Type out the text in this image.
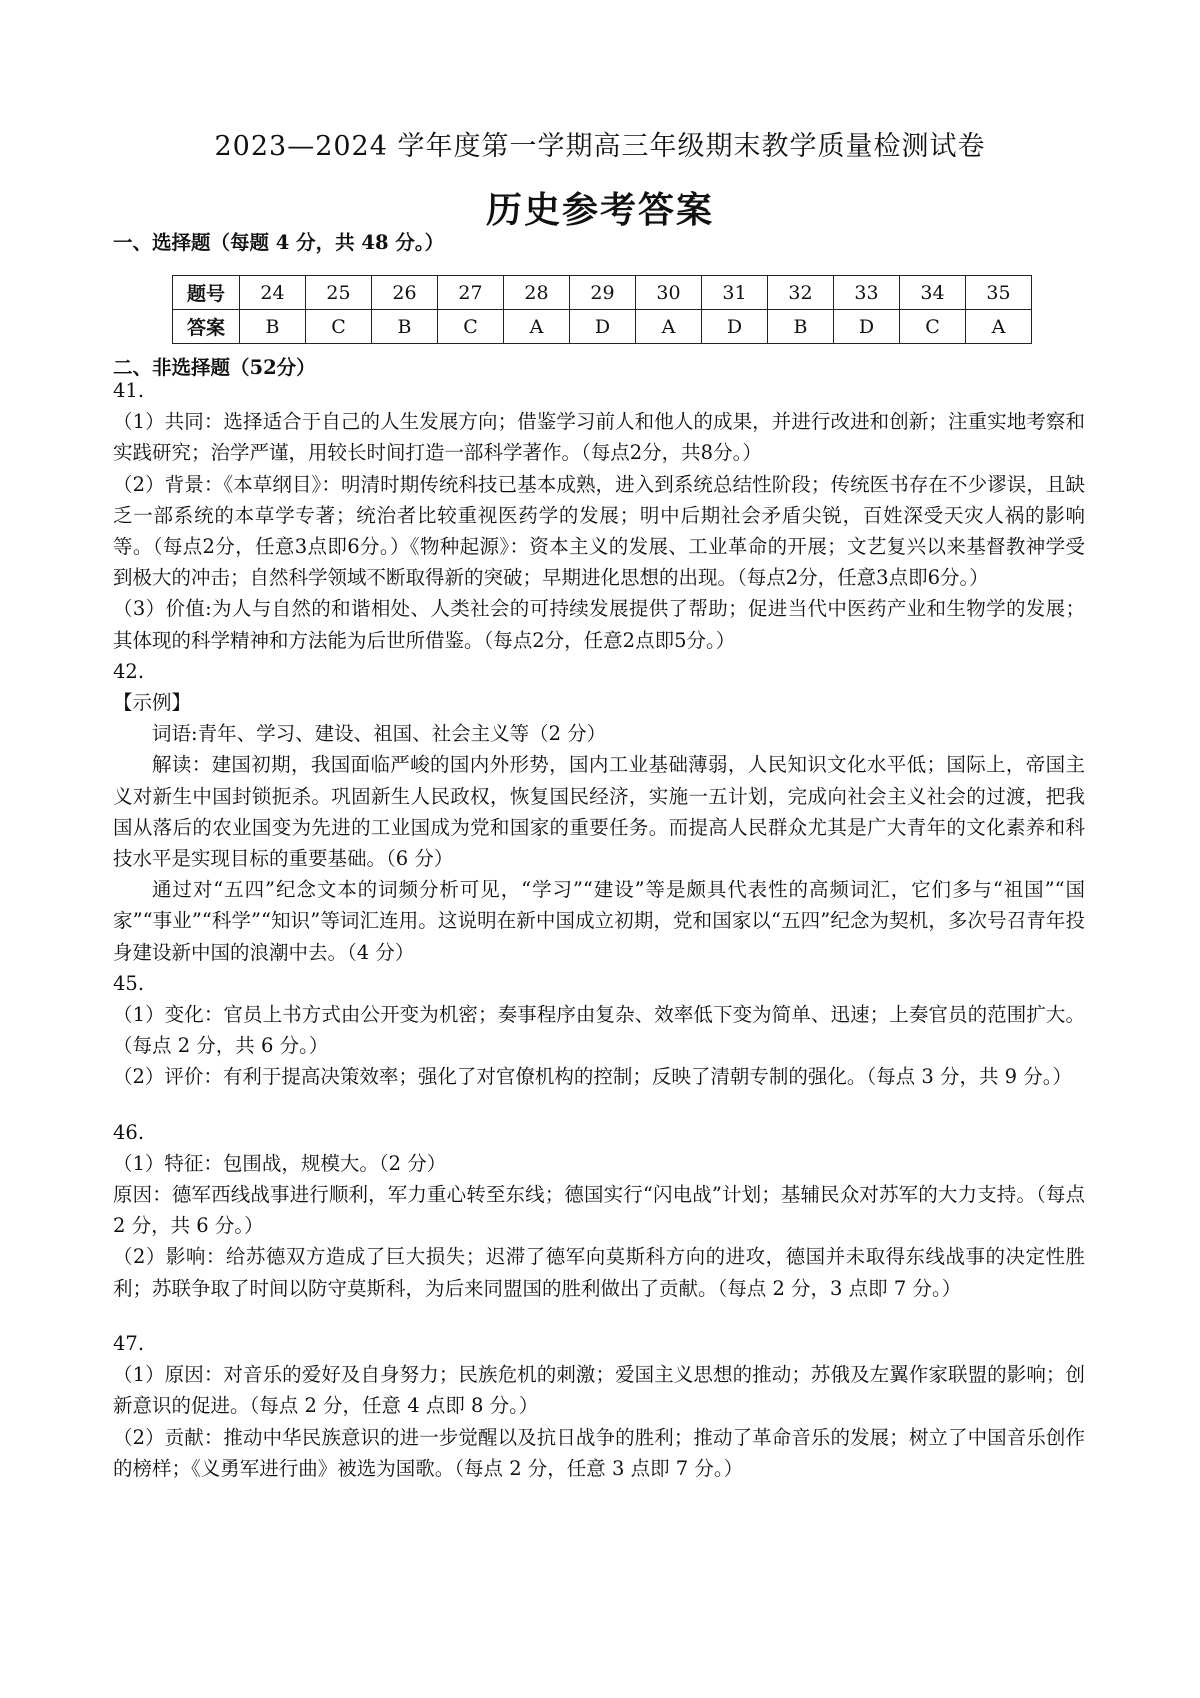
2023—2024 学年度第一学期高三年级期末教学质量检测试卷
历史参考答案
一、选择题（每题 4 分，共 48 分。）
题号	24	25	26	27	28	29	30	31	32	33	34	35
答案	B	C	B	C	A	D	A	D	B	D	C	A
二、非选择题（52分）

41.

（1）共同：选择适合于自己的人生发展方向；借鉴学习前人和他人的成果，并进行改进和创新；注重实地考察和实践研究；治学严谨，用较长时间打造一部科学著作。（每点2分，共8分。）

（2）背景：《本草纲目》：明清时期传统科技已基本成熟，进入到系统总结性阶段；传统医书存在不少谬误，且缺乏一部系统的本草学专著；统治者比较重视医药学的发展；明中后期社会矛盾尖锐，百姓深受天灾人祸的影响等。（每点2分，任意3点即6分。）《物种起源》：资本主义的发展、工业革命的开展；文艺复兴以来基督教神学受到极大的冲击；自然科学领域不断取得新的突破；早期进化思想的出现。（每点2分，任意3点即6分。）

（3）价值:为人与自然的和谐相处、人类社会的可持续发展提供了帮助；促进当代中医药产业和生物学的发展；其体现的科学精神和方法能为后世所借鉴。（每点2分，任意2点即5分。）

42.

【示例】

词语:青年、学习、建设、祖国、社会主义等（2 分）

解读：建国初期，我国面临严峻的国内外形势，国内工业基础薄弱，人民知识文化水平低；国际上，帝国主义对新生中国封锁扼杀。巩固新生人民政权，恢复国民经济，实施一五计划，完成向社会主义社会的过渡，把我国从落后的农业国变为先进的工业国成为党和国家的重要任务。而提高人民群众尤其是广大青年的文化素养和科技水平是实现目标的重要基础。（6 分）

通过对“五四”纪念文本的词频分析可见，“学习”“建设”等是颇具代表性的高频词汇，它们多与“祖国”“国家”“事业”“科学”“知识”等词汇连用。这说明在新中国成立初期，党和国家以“五四”纪念为契机，多次号召青年投身建设新中国的浪潮中去。（4 分）

45.

（1）变化：官员上书方式由公开变为机密；奏事程序由复杂、效率低下变为简单、迅速；上奏官员的范围扩大。（每点 2 分，共 6 分。）

（2）评价：有利于提高决策效率；强化了对官僚机构的控制；反映了清朝专制的强化。（每点 3 分，共 9 分。）

46.

（1）特征：包围战，规模大。（2 分）

原因：德军西线战事进行顺利，军力重心转至东线；德国实行“闪电战”计划；基辅民众对苏军的大力支持。（每点 2 分，共 6 分。）

（2）影响：给苏德双方造成了巨大损失；迟滞了德军向莫斯科方向的进攻，德国并未取得东线战事的决定性胜利；苏联争取了时间以防守莫斯科，为后来同盟国的胜利做出了贡献。（每点 2 分，3 点即 7 分。）

47.

（1）原因：对音乐的爱好及自身努力；民族危机的刺激；爱国主义思想的推动；苏俄及左翼作家联盟的影响；创新意识的促进。（每点 2 分，任意 4 点即 8 分。）

（2）贡献：推动中华民族意识的进一步觉醒以及抗日战争的胜利；推动了革命音乐的发展；树立了中国音乐创作的榜样；《义勇军进行曲》被选为国歌。（每点 2 分，任意 3 点即 7 分。）
